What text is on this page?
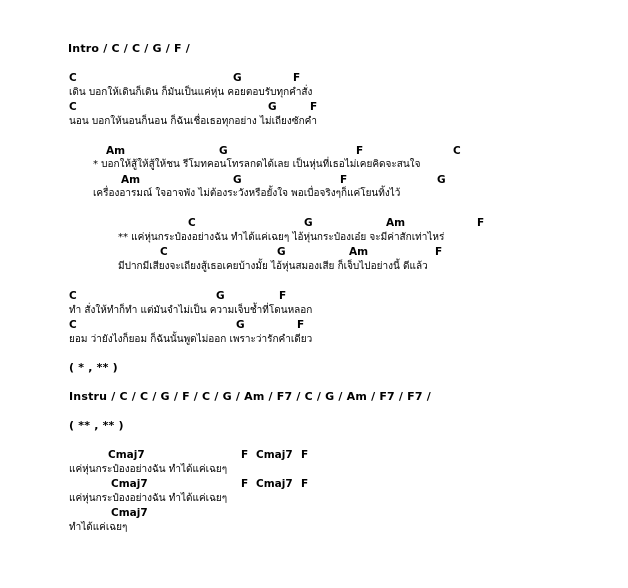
Intro / C / C / G / F /
C	G	F
เดิน บอกให้เดินก็เดิน ก็มันเป็นแค่หุ่น คอยตอบรับทุกคำสั่ง
C	G	F
นอน บอกให้นอนก็นอน ก็ฉันเชื่อเธอทุกอย่าง ไม่เถียงซักคำ
Am	G	F	C
* บอกให้สู้ให้สู้ให้ชน รีโมทคอนโทรลกดได้เลย เป็นหุ่นที่เธอไม่เคยคิดจะสนใจ
Am	G	F	G
เครื่องอารมณ์ ใจอาจพัง ไม่ต้องระวังหรือยั้งใจ พอเบื่อจริงๆก็แค่โยนทิ้งไว้
C	G	Am	F
** แค่หุ่นกระป๋องอย่างฉัน ทำได้แค่เฉยๆ ไอ้หุ่นกระป๋องเอ๋ย จะมีค่าสักเท่าไหร่
C	G	Am	F
มีปากมีเสียงจะเถียงสู้เธอเคยบ้างมั้ย ไอ้หุ่นสมองเสีย ก็เจ็บไปอย่างนี้ ดีแล้ว
C	G	F
ทำ สั่งให้ทำก็ทำ แต่มันจำไม่เป็น ความเจ็บช้ำที่โดนหลอก
C	G	F
ยอม ว่ายังไงก็ยอม ก็ฉันนั้นพูดไม่ออก เพราะว่ารักคำเดียว
( * , ** )
Instru / C / C / G / F / C / G / Am / F7 / C / G / Am / F7 / F7 /
( ** , ** )
Cmaj7	F Cmaj7 F
แค่หุ่นกระป๋องอย่างฉัน ทำได้แค่เฉยๆ
Cmaj7	F Cmaj7 F
แค่หุ่นกระป๋องอย่างฉัน ทำได้แค่เฉยๆ
Cmaj7
ทำได้แค่เฉยๆ
